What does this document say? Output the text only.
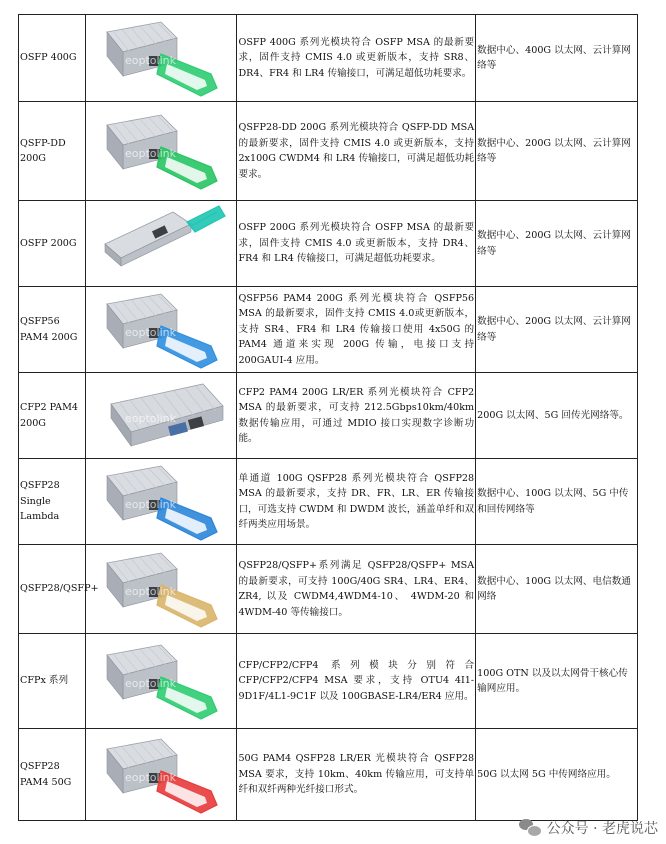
OSFP 400G	eoptolink	OSFP 400G 系列光模块符合 OSFP MSA 的最新要求，固件支持 CMIS 4.0 或更新版本，支持 SR8、DR4、FR4 和 LR4 传输接口，可满足超低功耗要求。	数据中心、400G 以太网、云计算网络等
QSFP-DD 200G	eoptolink	QSFP28-DD 200G 系列光模块符合 QSFP-DD MSA 的最新要求，固件支持 CMIS 4.0 或更新版本，支持 2x100G CWDM4 和 LR4 传输接口，可满足超低功耗要求。	数据中心、200G 以太网、云计算网络等
OSFP 200G		OSFP 200G 系列光模块符合 OSFP MSA 的最新要求，固件支持 CMIS 4.0 或更新版本，支持 DR4、FR4 和 LR4 传输接口，可满足超低功耗要求。	数据中心、200G 以太网、云计算网络等
QSFP56 PAM4 200G	eoptolink	QSFP56 PAM4 200G 系列光模块符合 QSFP56 MSA 的最新要求，固件支持 CMIS 4.0或更新版本，支持 SR4、FR4 和 LR4 传输接口使用 4x50G 的 PAM4 通道来实现 200G 传输，电接口支持 200GAUI-4 应用。	数据中心、200G 以太网、云计算网络等
CFP2 PAM4 200G	eoptolink	CFP2 PAM4 200G LR/ER 系列光模块符合 CFP2 MSA 的最新要求，可支持 212.5Gbps10km/40km 数据传输应用，可通过 MDIO 接口实现数字诊断功能。	200G 以太网、5G 回传光网络等。
QSFP28 Single Lambda	eoptolink	单通道 100G QSFP28 系列光模块符合 QSFP28 MSA 的最新要求，支持 DR、FR、LR、ER 传输接口，可选支持 CWDM 和 DWDM 波长，涵盖单纤和双纤两类应用场景。	数据中心、100G 以太网、5G 中传和回传网络等
QSFP28/QSFP+	eoptolink	QSFP28/QSFP+系列满足 QSFP28/QSFP+ MSA 的最新要求，可支持 100G/40G SR4、LR4、ER4、ZR4, 以及 CWDM4,4WDM4-10、 4WDM-20 和 4WDM-40 等传输接口。	数据中心、100G 以太网、电信数通网络
CFPx 系列	eoptolink	CFP/CFP2/CFP4 系列模块分别符合 CFP/CFP2/CFP4 MSA 要求，支持 OTU4 4I1-9D1F/4L1-9C1F 以及 100GBASE-LR4/ER4 应用。	100G OTN 以及以太网骨干核心传输网应用。
QSFP28 PAM4 50G	eoptolink	50G PAM4 QSFP28 LR/ER 光模块符合 QSFP28 MSA 要求，支持 10km、40km 传输应用，可支持单纤和双纤两种光纤接口形式。	50G 以太网 5G 中传网络应用。
公众号 · 老虎说芯
